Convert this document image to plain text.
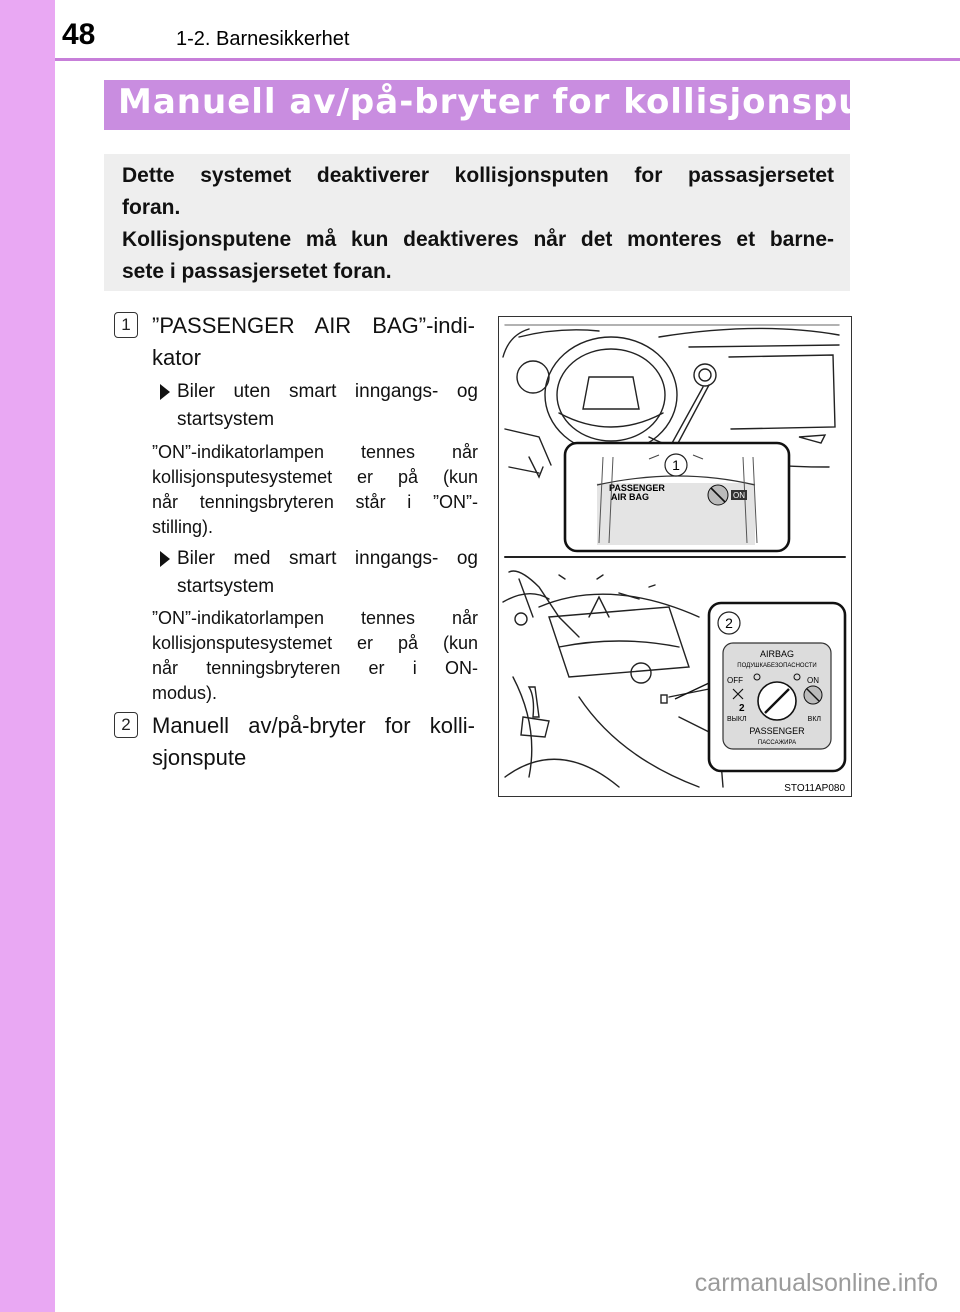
48	1-2. Barnesikkerhet
Manuell av/på-bryter for kollisjonspute
Dette systemet deaktiverer kollisjonsputen for passasjersetet
foran.
Kollisjonsputene må kun deaktiveres når det monteres et barne-
sete i passasjersetet foran.
1 ”PASSENGER AIR BAG”-indi-
kator
Biler uten smart inngangs- og
startsystem
”ON”-indikatorlampen tennes når
kollisjonsputesystemet er på (kun
når tenningsbryteren står i ”ON”-
stilling).
Biler med smart inngangs- og
startsystem
”ON”-indikatorlampen tennes når
kollisjonsputesystemet er på (kun
når tenningsbryteren er i ON-
modus).
2 Manuell av/på-bryter for kolli-
sjonspute
1
PASSENGER
AIR BAG	ON
2
AIRBAG
ПОДУШКАБЕЗОПАСНОСТИ
OFF	ON
2
ВЫКЛ	ВКЛ
PASSENGER
ПАССАЖИРА
STO11AP080
carmanualsonline.info
